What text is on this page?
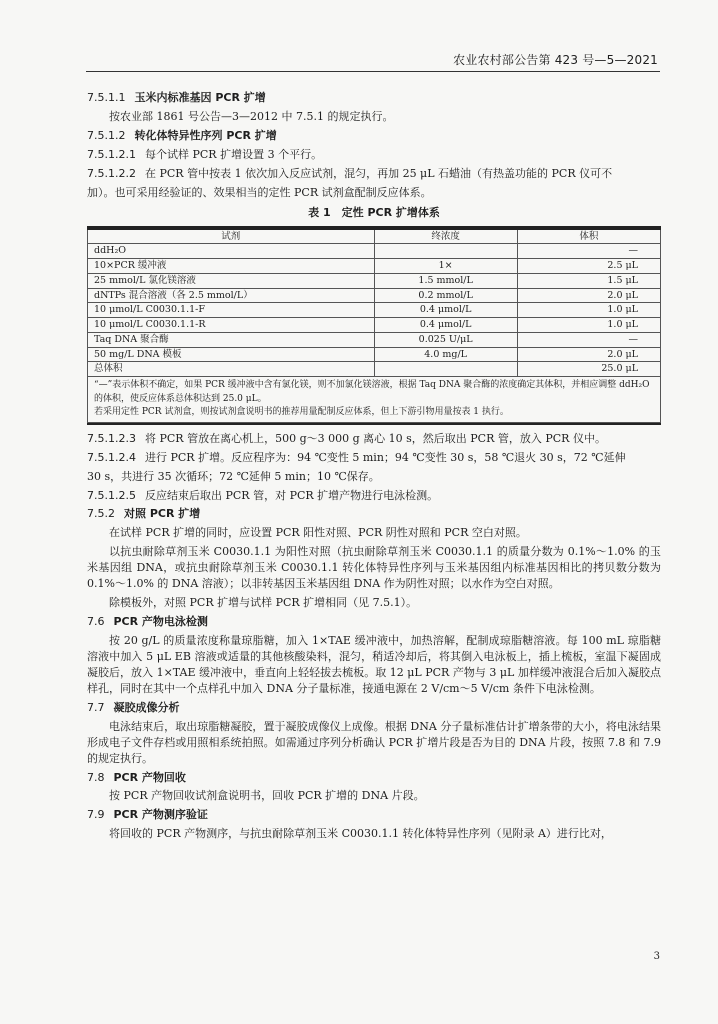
农业农村部公告第 423 号—5—2021
7.5.1.1 玉米内标准基因 PCR 扩增

按农业部 1861 号公告—3—2012 中 7.5.1 的规定执行。

7.5.1.2 转化体特异性序列 PCR 扩增

7.5.1.2.1 每个试样 PCR 扩增设置 3 个平行。

7.5.1.2.2 在 PCR 管中按表 1 依次加入反应试剂，混匀，再加 25 μL 石蜡油（有热盖功能的 PCR 仪可不

加）。也可采用经验证的、效果相当的定性 PCR 试剂盒配制反应体系。

表 1　定性 PCR 扩增体系
试剂	终浓度	体积
ddH₂O		—
10×PCR 缓冲液	1×	2.5 μL
25 mmol/L 氯化镁溶液	1.5 mmol/L	1.5 μL
dNTPs 混合溶液（各 2.5 mmol/L）	0.2 mmol/L	2.0 μL
10 μmol/L C0030.1.1-F	0.4 μmol/L	1.0 μL
10 μmol/L C0030.1.1-R	0.4 μmol/L	1.0 μL
Taq DNA 聚合酶	0.025 U/μL	—
50 mg/L DNA 模板	4.0 mg/L	2.0 μL
总体积		25.0 μL

“—”表示体积不确定，如果 PCR 缓冲液中含有氯化镁，则不加氯化镁溶液，根据 Taq DNA 聚合酶的浓度确定其体积，并相应调整 ddH₂O 的体积，使反应体系总体积达到 25.0 μL。

若采用定性 PCR 试剂盒，则按试剂盒说明书的推荐用量配制反应体系，但上下游引物用量按表 1 执行。		

7.5.1.2.3 将 PCR 管放在离心机上，500 g～3 000 g 离心 10 s，然后取出 PCR 管，放入 PCR 仪中。

7.5.1.2.4 进行 PCR 扩增。反应程序为：94 ℃变性 5 min；94 ℃变性 30 s，58 ℃退火 30 s，72 ℃延伸

30 s，共进行 35 次循环；72 ℃延伸 5 min；10 ℃保存。

7.5.1.2.5 反应结束后取出 PCR 管，对 PCR 扩增产物进行电泳检测。

7.5.2 对照 PCR 扩增

在试样 PCR 扩增的同时，应设置 PCR 阳性对照、PCR 阴性对照和 PCR 空白对照。

以抗虫耐除草剂玉米 C0030.1.1 为阳性对照（抗虫耐除草剂玉米 C0030.1.1 的质量分数为 0.1%～1.0% 的玉米基因组 DNA，或抗虫耐除草剂玉米 C0030.1.1 转化体特异性序列与玉米基因组内标准基因相比的拷贝数分数为 0.1%～1.0% 的 DNA 溶液）；以非转基因玉米基因组 DNA 作为阴性对照；以水作为空白对照。

除模板外，对照 PCR 扩增与试样 PCR 扩增相同（见 7.5.1）。

7.6 PCR 产物电泳检测

按 20 g/L 的质量浓度称量琼脂糖，加入 1×TAE 缓冲液中，加热溶解，配制成琼脂糖溶液。每 100 mL 琼脂糖溶液中加入 5 μL EB 溶液或适量的其他核酸染料，混匀，稍适冷却后，将其倒入电泳板上，插上梳板，室温下凝固成凝胶后，放入 1×TAE 缓冲液中，垂直向上轻轻拔去梳板。取 12 μL PCR 产物与 3 μL 加样缓冲液混合后加入凝胶点样孔，同时在其中一个点样孔中加入 DNA 分子量标准，接通电源在 2 V/cm～5 V/cm 条件下电泳检测。

7.7 凝胶成像分析

电泳结束后，取出琼脂糖凝胶，置于凝胶成像仪上成像。根据 DNA 分子量标准估计扩增条带的大小，将电泳结果形成电子文件存档或用照相系统拍照。如需通过序列分析确认 PCR 扩增片段是否为目的 DNA 片段，按照 7.8 和 7.9 的规定执行。

7.8 PCR 产物回收

按 PCR 产物回收试剂盒说明书，回收 PCR 扩增的 DNA 片段。

7.9 PCR 产物测序验证

将回收的 PCR 产物测序，与抗虫耐除草剂玉米 C0030.1.1 转化体特异性序列（见附录 A）进行比对，

3
